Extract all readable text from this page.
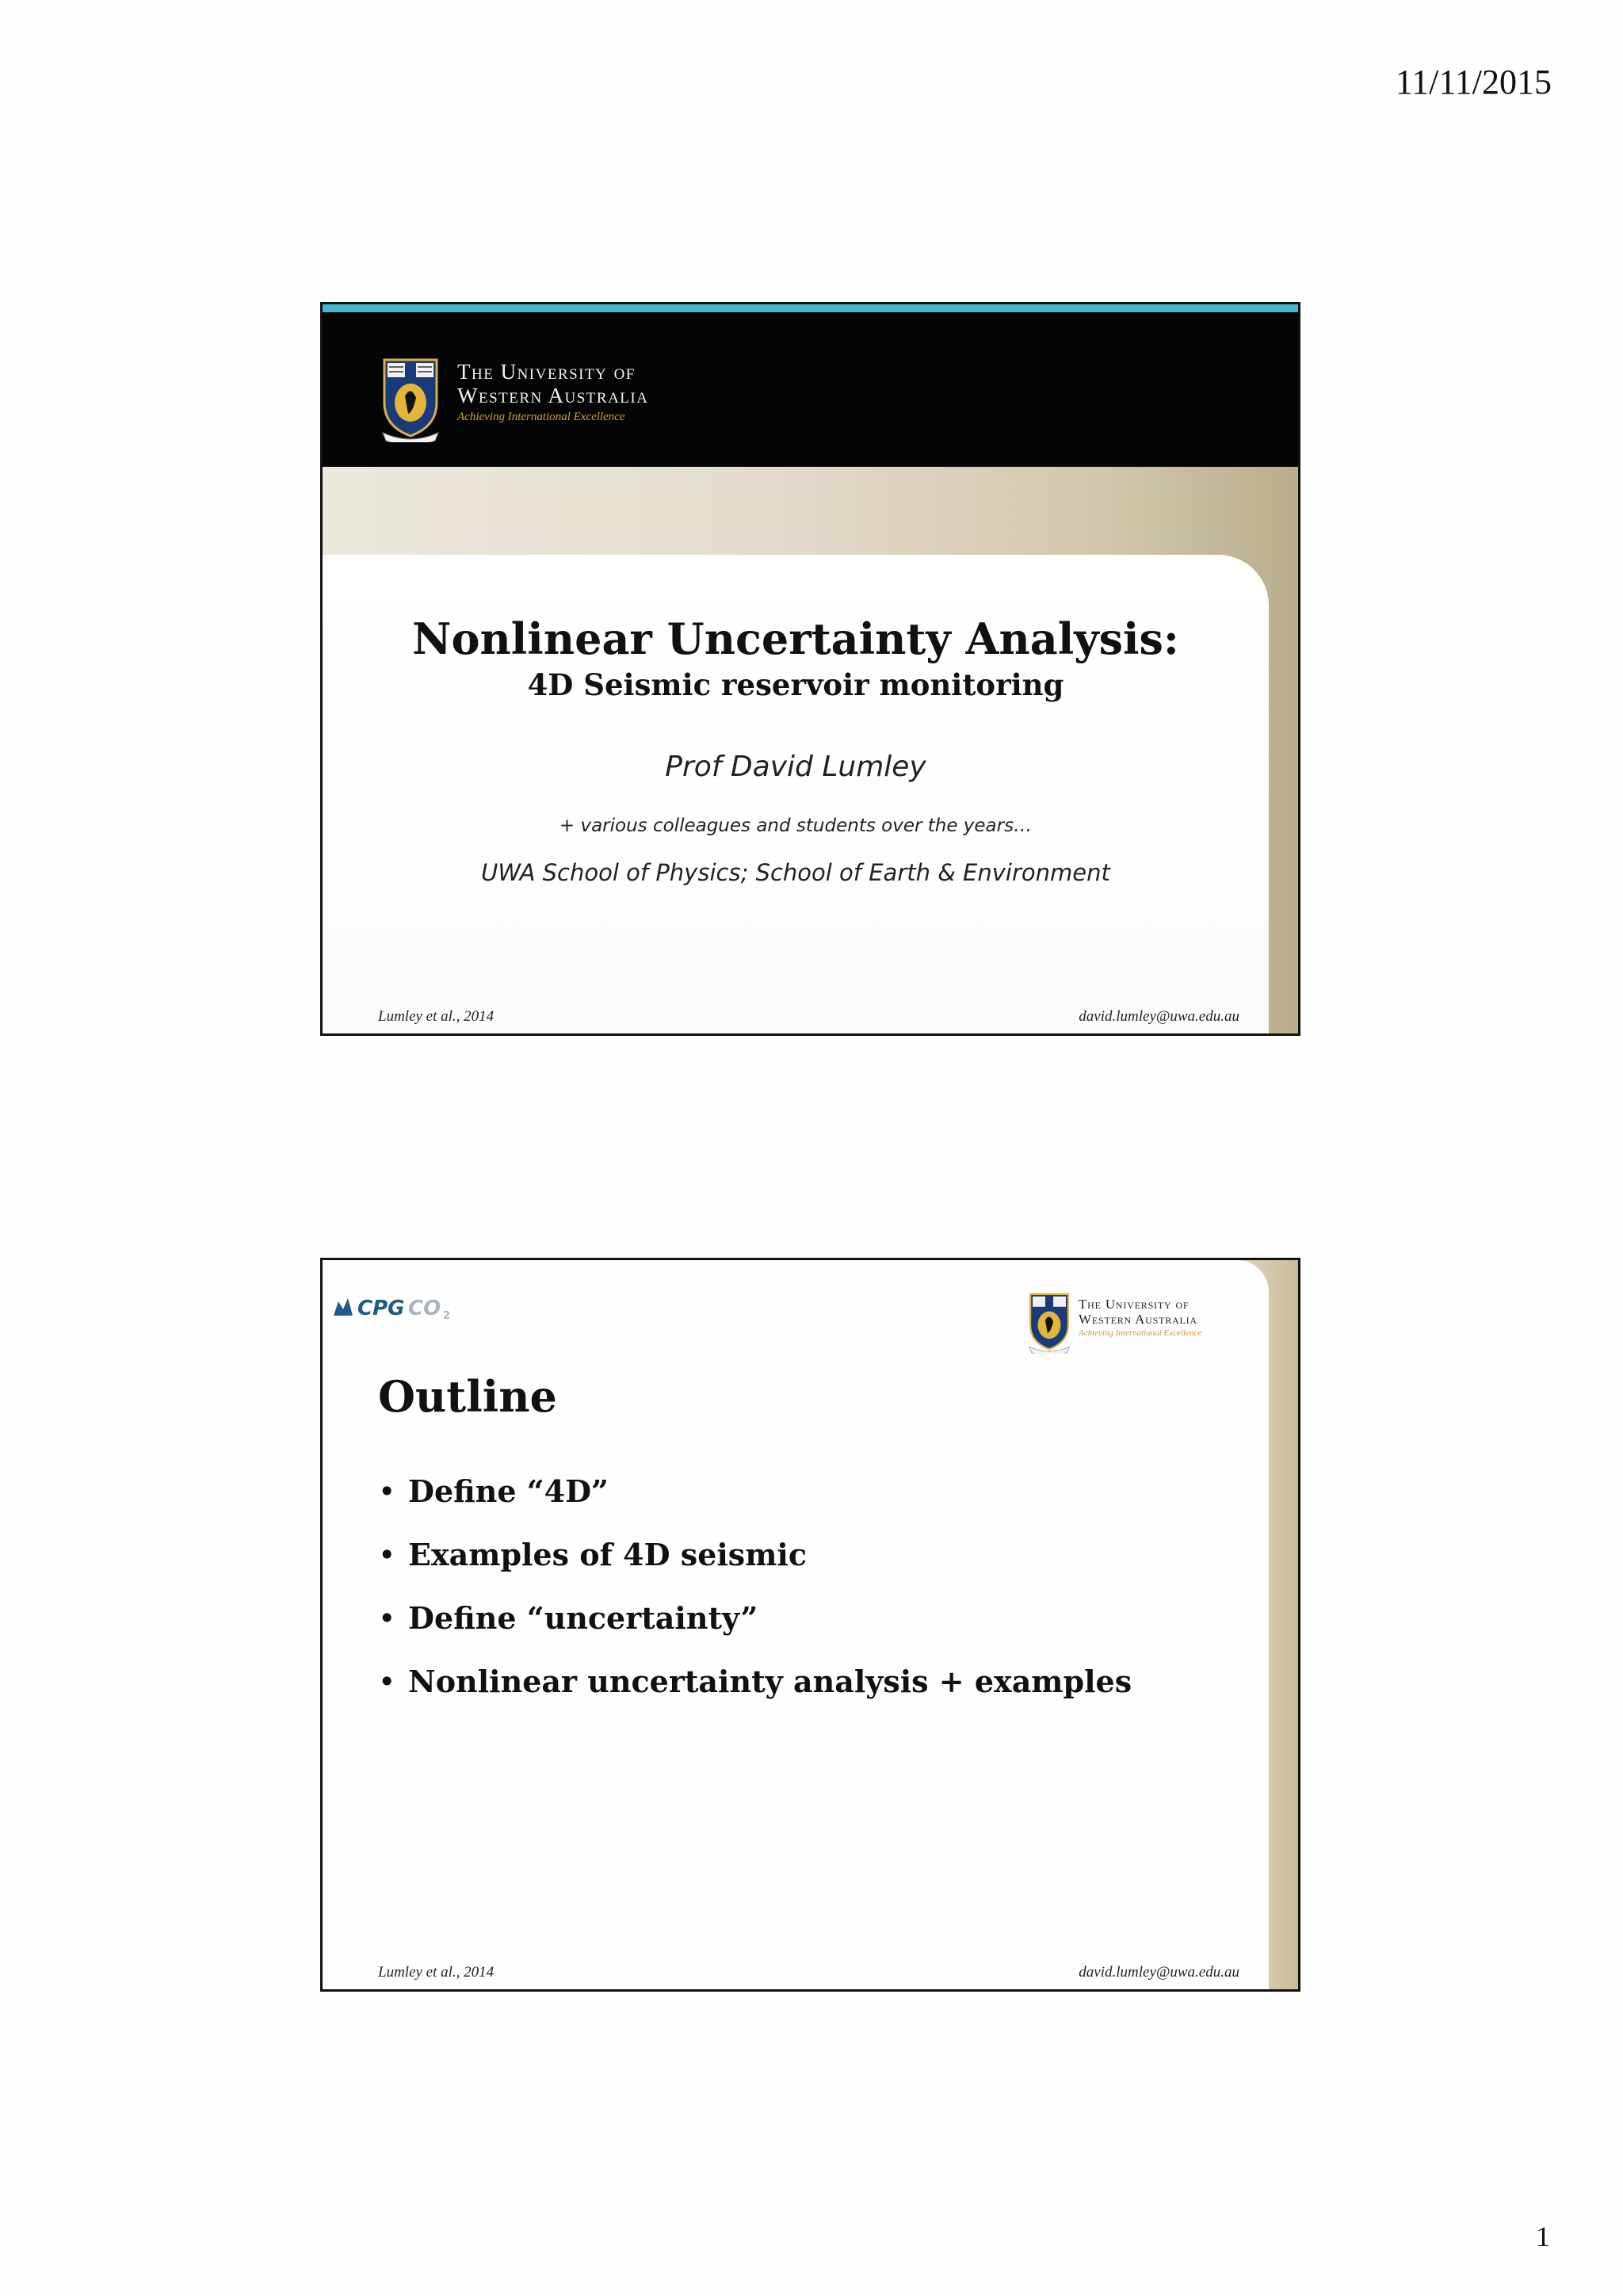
11/11/2015
The University of
Western Australia
Achieving International Excellence
Nonlinear Uncertainty Analysis:
4D Seismic reservoir monitoring
Prof David Lumley
+ various colleagues and students over the years…
UWA School of Physics; School of Earth & Environment
Lumley et al., 2014	david.lumley@uwa.edu.au
CPG CO 2
The University of
Western Australia
Achieving International Excellence
Outline
• Define “4D”
• Examples of 4D seismic
• Define “uncertainty”
• Nonlinear uncertainty analysis + examples
Lumley et al., 2014	david.lumley@uwa.edu.au
1
